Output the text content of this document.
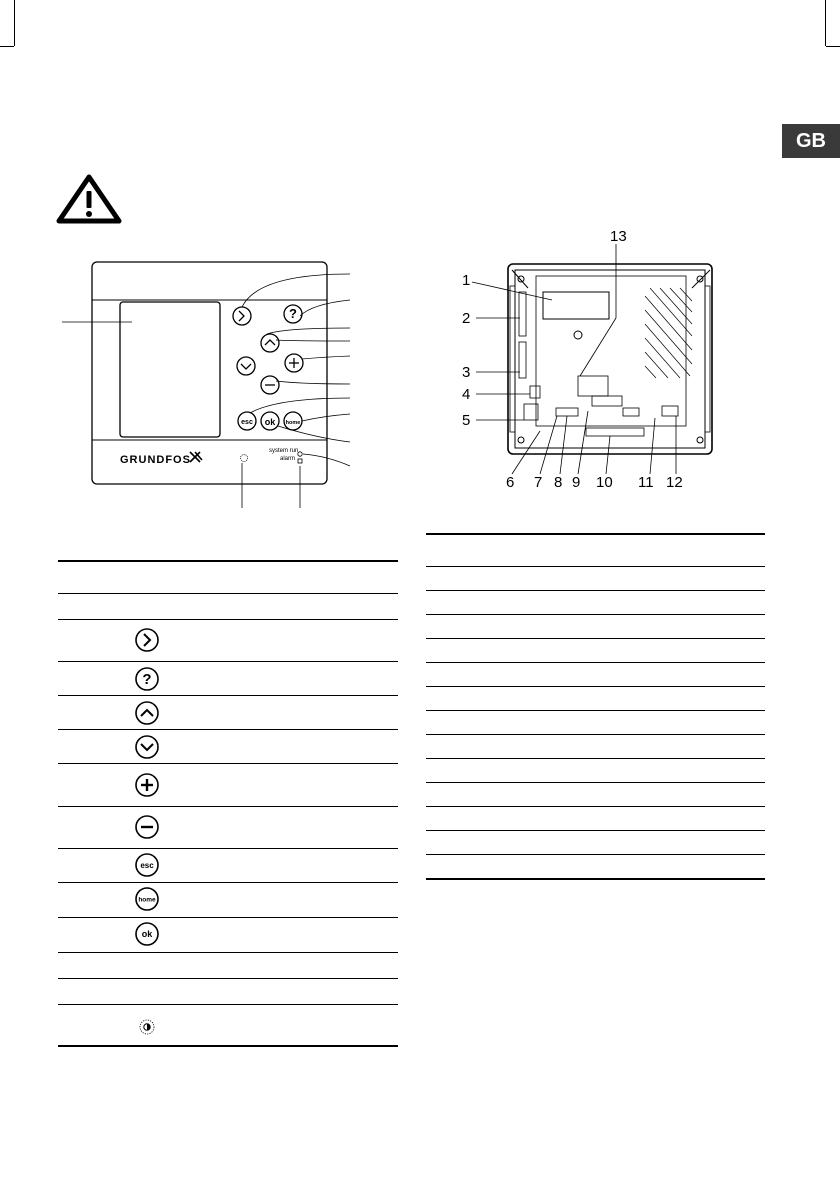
GB
?
esc ok home
GRUNDFOS
system run
alarm
13
1
2
3
4
5
6 7 8 9 10 11 12
?
esc
home
ok
